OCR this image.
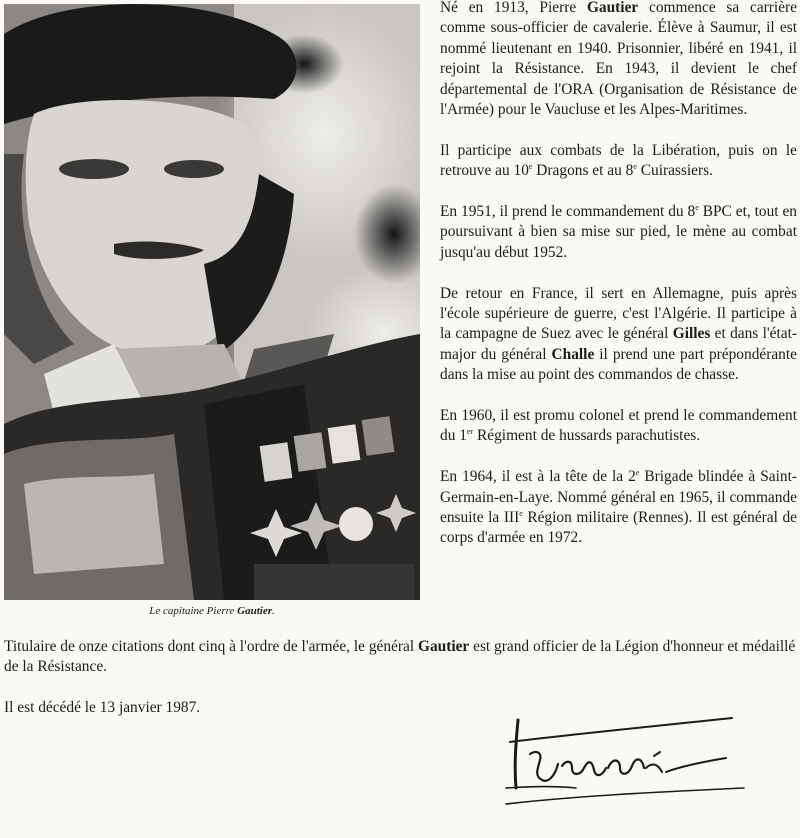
Le capitaine Pierre Gautier.

Né en 1913, Pierre Gautier commence sa carrière comme sous-officier de cavalerie. Élève à Saumur, il est nommé lieutenant en 1940. Prisonnier, libéré en 1941, il rejoint la Résistance. En 1943, il devient le chef départemental de l'ORA (Organisation de Résistance de l'Armée) pour le Vaucluse et les Alpes-Maritimes.

Il participe aux combats de la Libération, puis on le retrouve au 10e Dragons et au 8e Cuirassiers.

En 1951, il prend le commandement du 8e BPC et, tout en poursuivant à bien sa mise sur pied, le mène au combat jusqu'au début 1952.

De retour en France, il sert en Allemagne, puis après l'école supérieure de guerre, c'est l'Algérie. Il participe à la campagne de Suez avec le général Gilles et dans l'état-major du général Challe il prend une part prépondérante dans la mise au point des commandos de chasse.

En 1960, il est promu colonel et prend le commandement du 1er Régiment de hussards parachutistes.

En 1964, il est à la tête de la 2e Brigade blindée à Saint-Germain-en-Laye. Nommé général en 1965, il commande ensuite la IIIe Région militaire (Rennes). Il est général de corps d'armée en 1972.

Titulaire de onze citations dont cinq à l'ordre de l'armée, le général Gautier est grand officier de la Légion d'honneur et médaillé de la Résistance.

Il est décédé le 13 janvier 1987.
